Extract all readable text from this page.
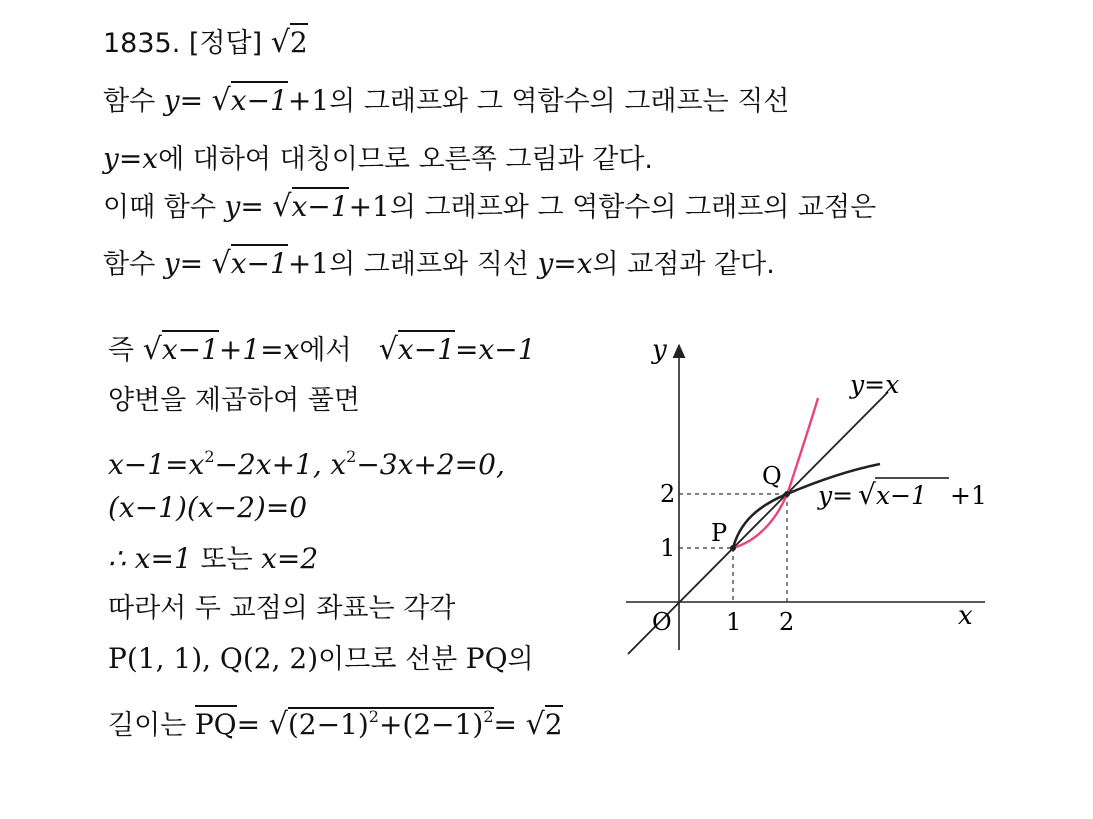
1835. [정답] √2
함수 y= √x−1+1의 그래프와 그 역함수의 그래프는 직선
y=x에 대하여 대칭이므로 오른쪽 그림과 같다.
이때 함수 y= √x−1+1의 그래프와 그 역함수의 그래프의 교점은
함수 y= √x−1+1의 그래프와 직선 y=x의 교점과 같다.
즉 √x−1+1=x에서 √x−1=x−1
양변을 제곱하여 풀면
$x-1=x^2-2x+1$, $x^2-3x+2=0$,
(x−1)(x−2)=0
∴ x=1 또는 x=2
따라서 두 교점의 좌표는 각각
P(1, 1), Q(2, 2)이므로 선분 PQ의
길이는 $PQ= √(2-1)^2+(2-1)^2= √2$
y
x
O 1 2
1
2
P
Q
y=x
y= √ x−1 +1
